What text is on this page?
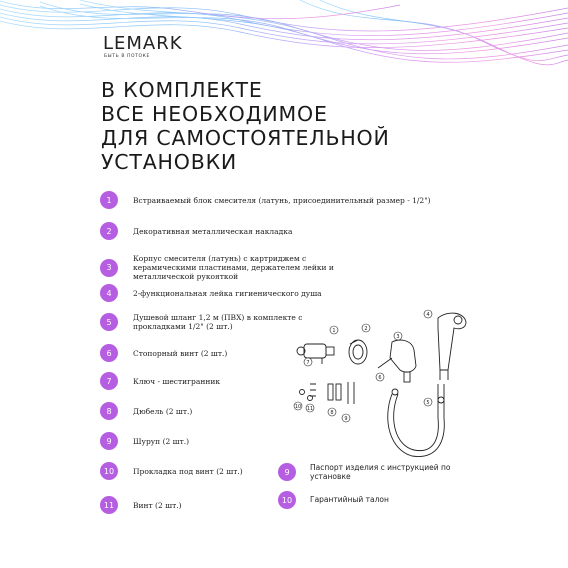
LEMARK
БЫТЬ В ПОТОКЕ
В КОМПЛЕКТЕ
ВСЕ НЕОБХОДИМОЕ
ДЛЯ САМОСТОЯТЕЛЬНОЙ
УСТАНОВКИ
1	Встраиваемый блок смесителя (латунь, присоединительный размер - 1/2")
2	Декоративная металлическая накладка
3
Корпус смесителя (латунь) с картриджем с керамическими пластинами, держателем лейки и металлической рукояткой
4	2-функциональная лейка гигиенического душа
5	Душевой шланг 1,2 м (ПВХ) в комплекте с прокладками 1/2" (2 шт.)
6	Стопорный винт (2 шт.)
7	Ключ - шестигранник
8	Дюбель (2 шт.)
9	Шуруп (2 шт.)
10	Прокладка под винт (2 шт.)
11	Винт (2 шт.)
9	Паспорт изделия с инструкцией по установке
10	Гарантийный талон
1	2
3
4
5
6
7
8
9
10 11
